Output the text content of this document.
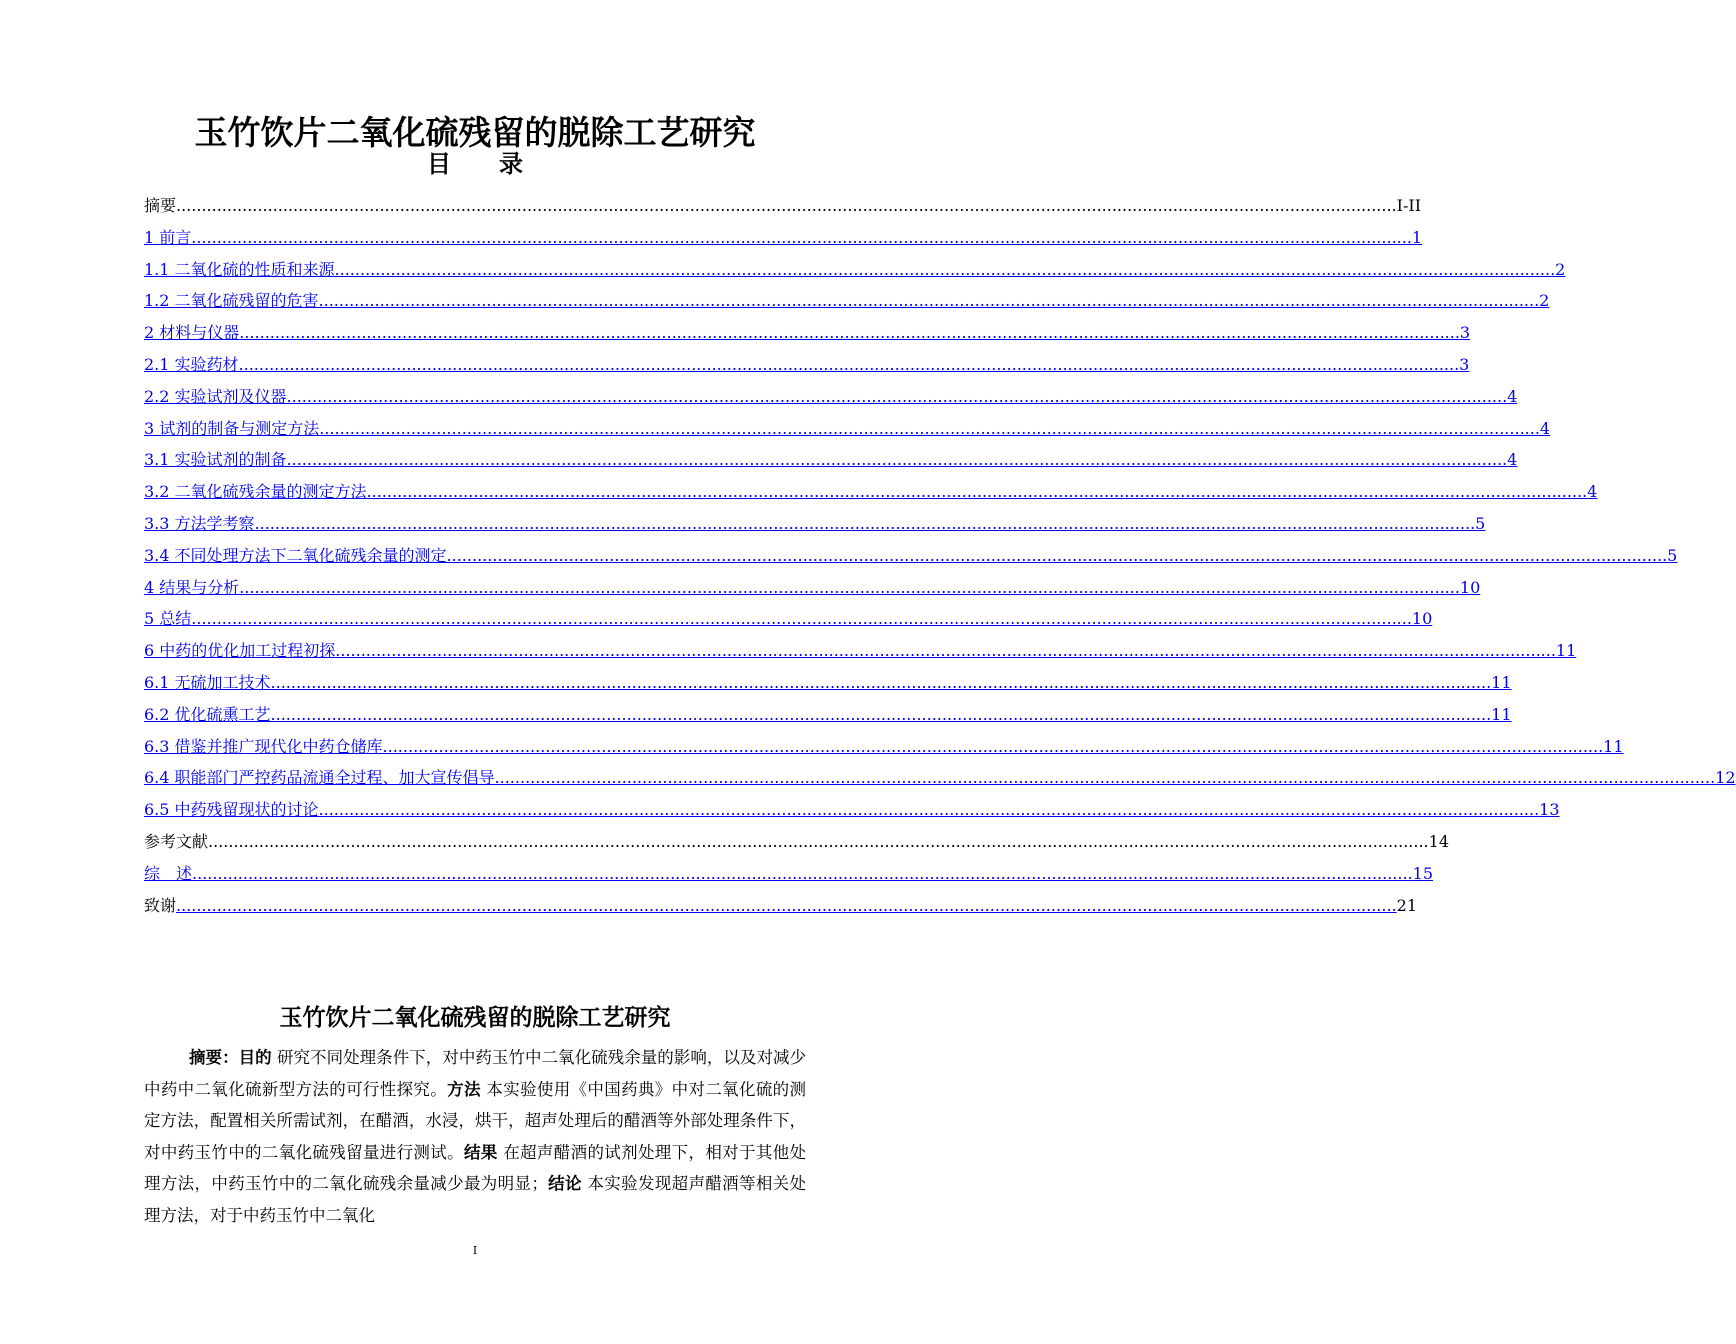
玉竹饮片二氧化硫残留的脱除工艺研究
目　　录
摘要 .....	I-II
1 前言 .....	1
1.1 二氧化硫的性质和来源 .....	2
1.2 二氧化硫残留的危害 .....	2
2 材料与仪器 .....	3
2.1 实验药材 .....	3
2.2 实验试剂及仪器 .....	4
3 试剂的制备与测定方法 .....	4
3.1 实验试剂的制备 .....	4
3.2 二氧化硫残余量的测定方法 .....	4
3.3 方法学考察 .....	5
3.4 不同处理方法下二氧化硫残余量的测定 .....	5
4 结果与分析 .....	10
5 总结 .....	10
6 中药的优化加工过程初探 .....	11
6.1 无硫加工技术 .....	11
6.2 优化硫熏工艺 .....	11
6.3 借鉴并推广现代化中药仓储库 .....	11
6.4 职能部门严控药品流通全过程、加大宣传倡导 .....	12
6.5 中药残留现状的讨论 .....	13
参考文献 .....	14
综　述 .....	15
致谢 .....	21
玉竹饮片二氧化硫残留的脱除工艺研究

摘要：目的 研究不同处理条件下，对中药玉竹中二氧化硫残余量的影响，以及对减少中药中二氧化硫新型方法的可行性探究。方法 本实验使用《中国药典》中对二氧化硫的测定方法，配置相关所需试剂，在醋酒，水浸，烘干，超声处理后的醋酒等外部处理条件下，对中药玉竹中的二氧化硫残留量进行测试。结果 在超声醋酒的试剂处理下，相对于其他处理方法，中药玉竹中的二氧化硫残余量减少最为明显；结论 本实验发现超声醋酒等相关处理方法，对于中药玉竹中二氧化

I
